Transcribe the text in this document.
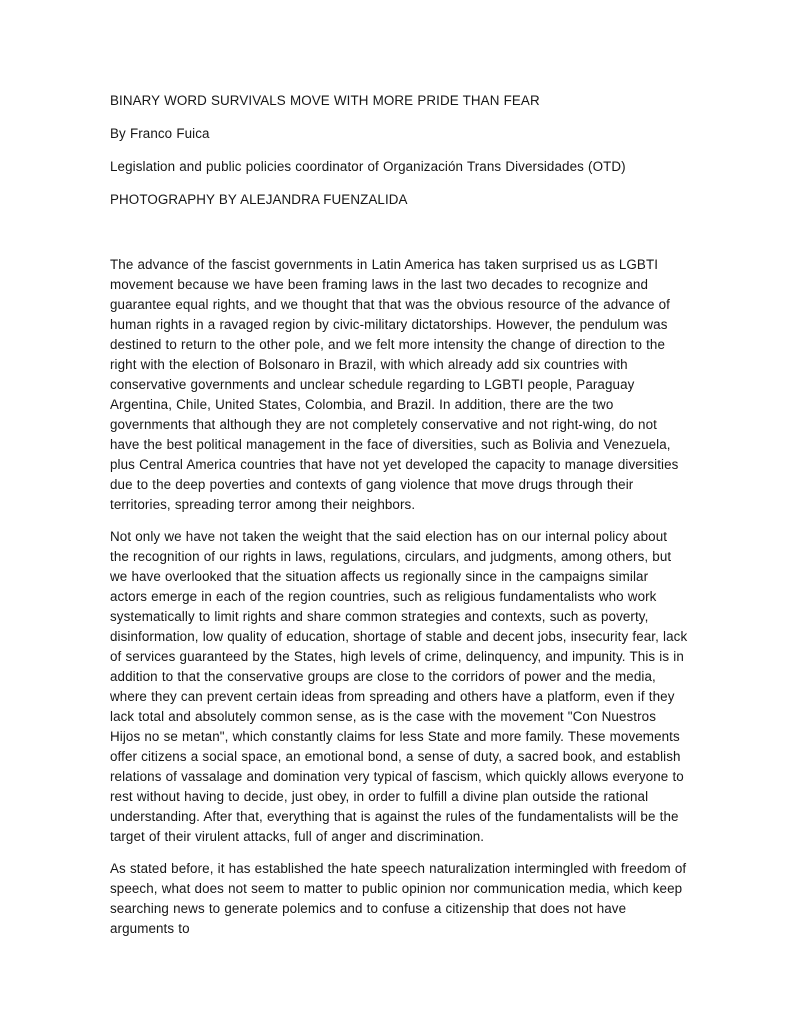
BINARY WORD SURVIVALS MOVE WITH MORE PRIDE THAN FEAR

By Franco Fuica

Legislation and public policies coordinator of Organización Trans Diversidades (OTD)

PHOTOGRAPHY BY ALEJANDRA FUENZALIDA

The advance of the fascist governments in Latin America has taken surprised us as LGBTI movement because we have been framing laws in the last two decades to recognize and guarantee equal rights, and we thought that that was the obvious resource of the advance of human rights in a ravaged region by civic-military dictatorships. However, the pendulum was destined to return to the other pole, and we felt more intensity the change of direction to the right with the election of Bolsonaro in Brazil, with which already add six countries with conservative governments and unclear schedule regarding to LGBTI people, Paraguay Argentina, Chile, United States, Colombia, and Brazil. In addition, there are the two governments that although they are not completely conservative and not right-wing, do not have the best political management in the face of diversities, such as Bolivia and Venezuela, plus Central America countries that have not yet developed the capacity to manage diversities due to the deep poverties and contexts of gang violence that move drugs through their territories, spreading terror among their neighbors.

Not only we have not taken the weight that the said election has on our internal policy about the recognition of our rights in laws, regulations, circulars, and judgments, among others, but we have overlooked that the situation affects us regionally since in the campaigns similar actors emerge in each of the region countries, such as religious fundamentalists who work systematically to limit rights and share common strategies and contexts, such as poverty, disinformation, low quality of education, shortage of stable and decent jobs, insecurity fear, lack of services guaranteed by the States, high levels of crime, delinquency, and impunity. This is in addition to that the conservative groups are close to the corridors of power and the media, where they can prevent certain ideas from spreading and others have a platform, even if they lack total and absolutely common sense, as is the case with the movement "Con Nuestros Hijos no se metan", which constantly claims for less State and more family. These movements offer citizens a social space, an emotional bond, a sense of duty, a sacred book, and establish relations of vassalage and domination very typical of fascism, which quickly allows everyone to rest without having to decide, just obey, in order to fulfill a divine plan outside the rational understanding. After that, everything that is against the rules of the fundamentalists will be the target of their virulent attacks, full of anger and discrimination.

As stated before, it has established the hate speech naturalization intermingled with freedom of speech, what does not seem to matter to public opinion nor communication media, which keep searching news to generate polemics and to confuse a citizenship that does not have arguments to
